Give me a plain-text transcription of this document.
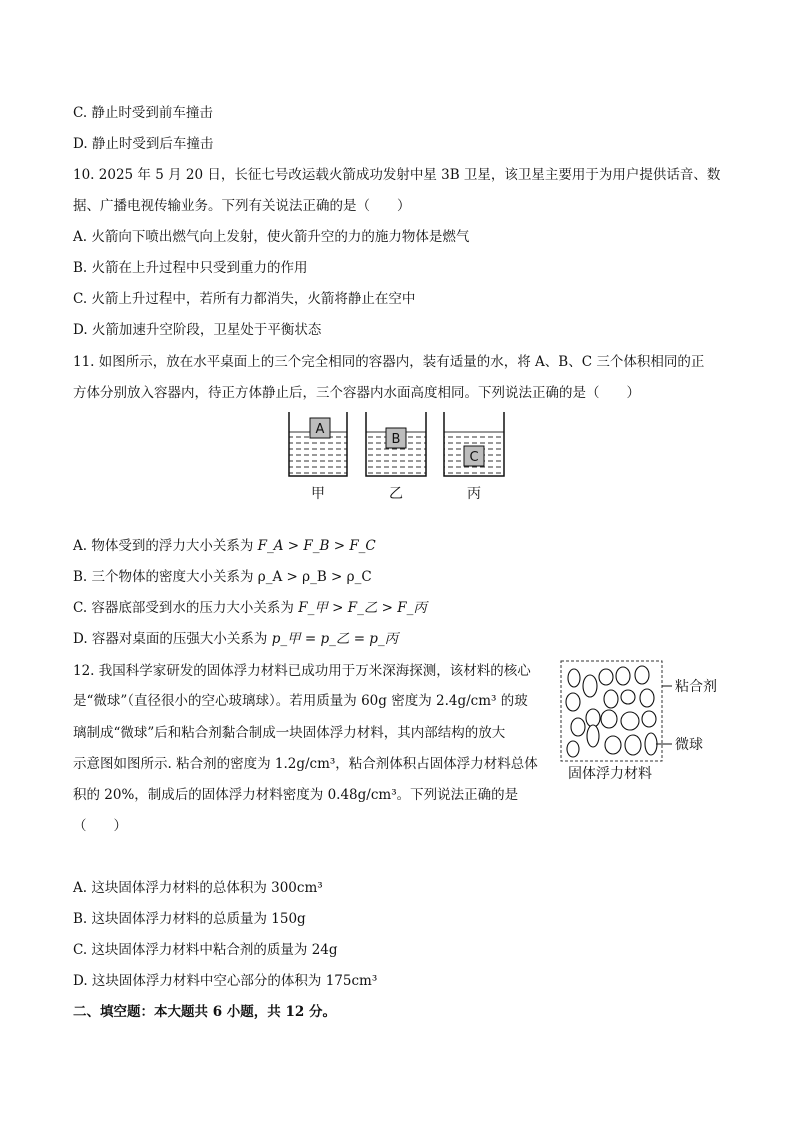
C. 静止时受到前车撞击
D. 静止时受到后车撞击
10. 2025 年 5 月 20 日，长征七号改运载火箭成功发射中星 3B 卫星，该卫星主要用于为用户提供话音、数
据、广播电视传输业务。下列有关说法正确的是（　　）
A. 火箭向下喷出燃气向上发射，使火箭升空的力的施力物体是燃气
B. 火箭在上升过程中只受到重力的作用
C. 火箭上升过程中，若所有力都消失，火箭将静止在空中
D. 火箭加速升空阶段，卫星处于平衡状态
11. 如图所示，放在水平桌面上的三个完全相同的容器内，装有适量的水，将 A、B、C 三个体积相同的正
方体分别放入容器内，待正方体静止后，三个容器内水面高度相同。下列说法正确的是（　　）
A
甲
B
乙
C
丙
A. 物体受到的浮力大小关系为 F_A > F_B > F_C
B. 三个物体的密度大小关系为 ρ_A > ρ_B > ρ_C
C. 容器底部受到水的压力大小关系为 F_甲 > F_乙 > F_丙
D. 容器对桌面的压强大小关系为 p_甲 = p_乙 = p_丙
12. 我国科学家研发的固体浮力材料已成功用于万米深海探测，该材料的核心
是“微球”（直径很小的空心玻璃球）。若用质量为 60g 密度为 2.4g/cm³ 的玻
璃制成“微球”后和粘合剂黏合制成一块固体浮力材料，其内部结构的放大
示意图如图所示. 粘合剂的密度为 1.2g/cm³，粘合剂体积占固体浮力材料总体
积的 20%，制成后的固体浮力材料密度为 0.48g/cm³。下列说法正确的是
（　　）
粘合剂
微球
固体浮力材料
A. 这块固体浮力材料的总体积为 300cm³
B. 这块固体浮力材料的总质量为 150g
C. 这块固体浮力材料中粘合剂的质量为 24g
D. 这块固体浮力材料中空心部分的体积为 175cm³
二、填空题：本大题共 6 小题，共 12 分。
